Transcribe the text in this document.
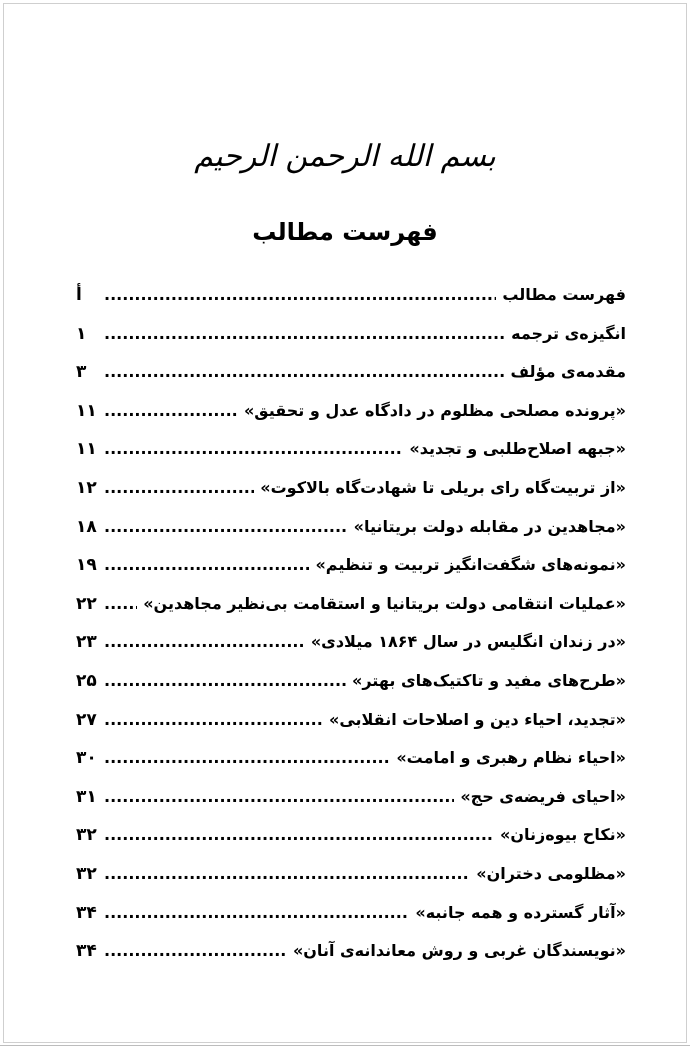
بسم الله الرحمن الرحیم
فهرست مطالب
فهرست مطالب
.....
أ
انگیزه‌ی ترجمه
.....
۱
مقدمه‌ی مؤلف
.....
۳
«پرونده مصلحی مظلوم در دادگاه عدل و تحقیق»
.....
۱۱
«جبهه اصلاح‌طلبی و تجدید»
.....
۱۱
«از تربیت‌گاه رای بریلی تا شهادت‌گاه بالاکوت»
.....
۱۲
«مجاهدین در مقابله دولت بریتانیا»
.....
۱۸
«نمونه‌های شگفت‌انگیز تربیت و تنظیم»
.....
۱۹
«عملیات انتقامی دولت بریتانیا و استقامت بی‌نظیر مجاهدین»
.....
۲۲
«در زندان انگلیس در سال ۱۸۶۴ میلادی»
.....
۲۳
«طرح‌های مفید و تاکتیک‌های بهتر»
.....
۲۵
«تجدید، احیاء دین و اصلاحات انقلابی»
.....
۲۷
«احیاء نظام رهبری و امامت»
.....
۳۰
«احیای فریضه‌ی حج»
.....
۳۱
«نکاح بیوه‌زنان»
.....
۳۲
«مظلومی دختران»
.....
۳۲
«آثار گسترده و همه جانبه»
.....
۳۴
«نویسندگان غربی و روش معاندانه‌ی آنان»
.....
۳۴
